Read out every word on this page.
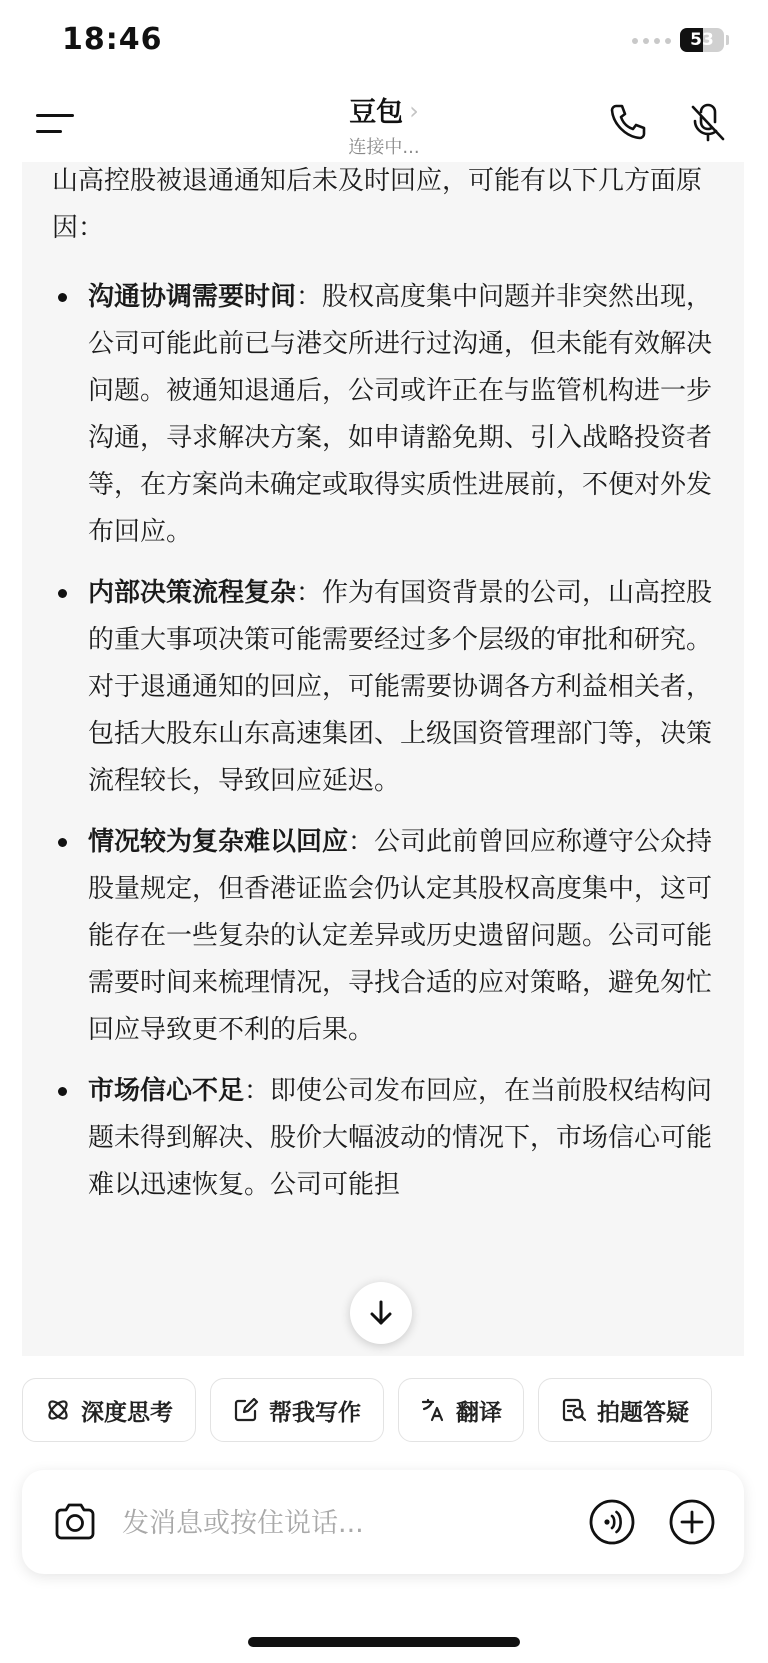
18:46	53
豆包 ›
连接中...

山高控股被退通通知后未及时回应，可能有以下几方面原因：

沟通协调需要时间：股权高度集中问题并非突然出现，公司可能此前已与港交所进行过沟通，但未能有效解决问题。被通知退通后，公司或许正在与监管机构进一步沟通，寻求解决方案，如申请豁免期、引入战略投资者等，在方案尚未确定或取得实质性进展前，不便对外发布回应。
内部决策流程复杂：作为有国资背景的公司，山高控股的重大事项决策可能需要经过多个层级的审批和研究。对于退通通知的回应，可能需要协调各方利益相关者，包括大股东山东高速集团、上级国资管理部门等，决策流程较长，导致回应延迟。
情况较为复杂难以回应：公司此前曾回应称遵守公众持股量规定，但香港证监会仍认定其股权高度集中，这可能存在一些复杂的认定差异或历史遗留问题。公司可能需要时间来梳理情况，寻找合适的应对策略，避免匆忙回应导致更不利的后果。
市场信心不足：即使公司发布回应，在当前股权结构问题未得到解决、股价大幅波动的情况下，市场信心可能难以迅速恢复。公司可能担
深度思考	帮我写作	翻译	拍题答疑
发消息或按住说话...
